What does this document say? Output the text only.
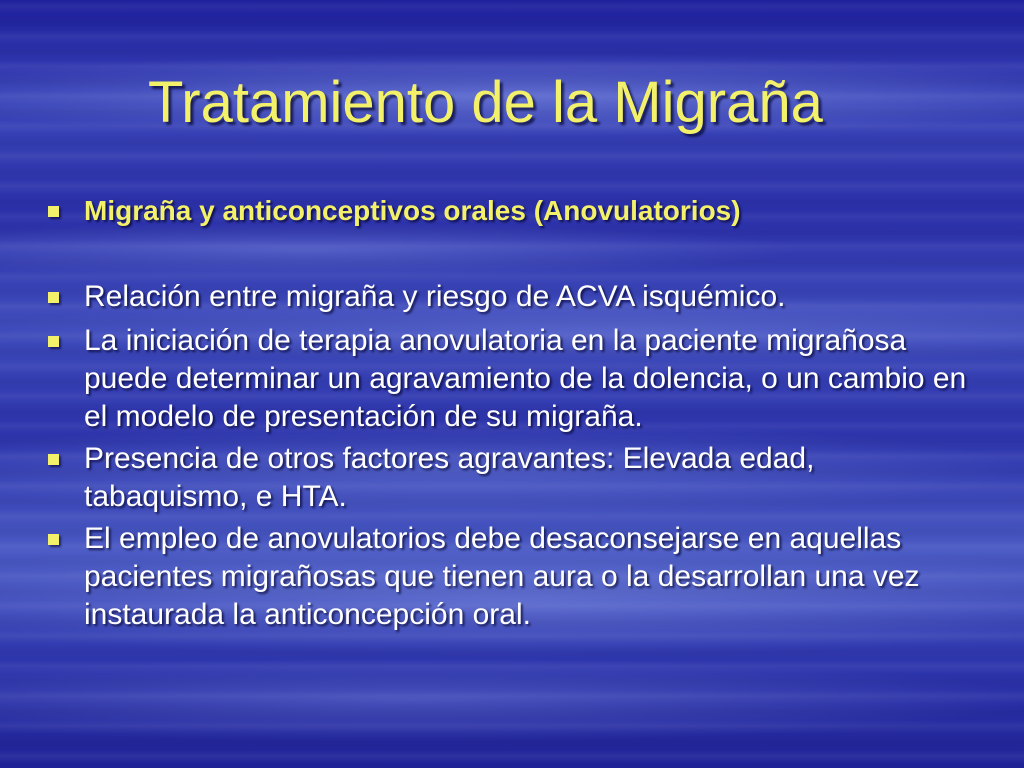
Tratamiento de la Migraña
Migraña y anticonceptivos orales (Anovulatorios)
Relación entre migraña y riesgo de ACVA isquémico.
La iniciación de terapia anovulatoria en la paciente migrañosa puede determinar un agravamiento de la dolencia, o un cambio en el modelo de presentación de su migraña.
Presencia de otros factores agravantes: Elevada edad, tabaquismo, e HTA.
El empleo de anovulatorios debe desaconsejarse en aquellas pacientes migrañosas que tienen aura o la desarrollan una vez instaurada la anticoncepción oral.
